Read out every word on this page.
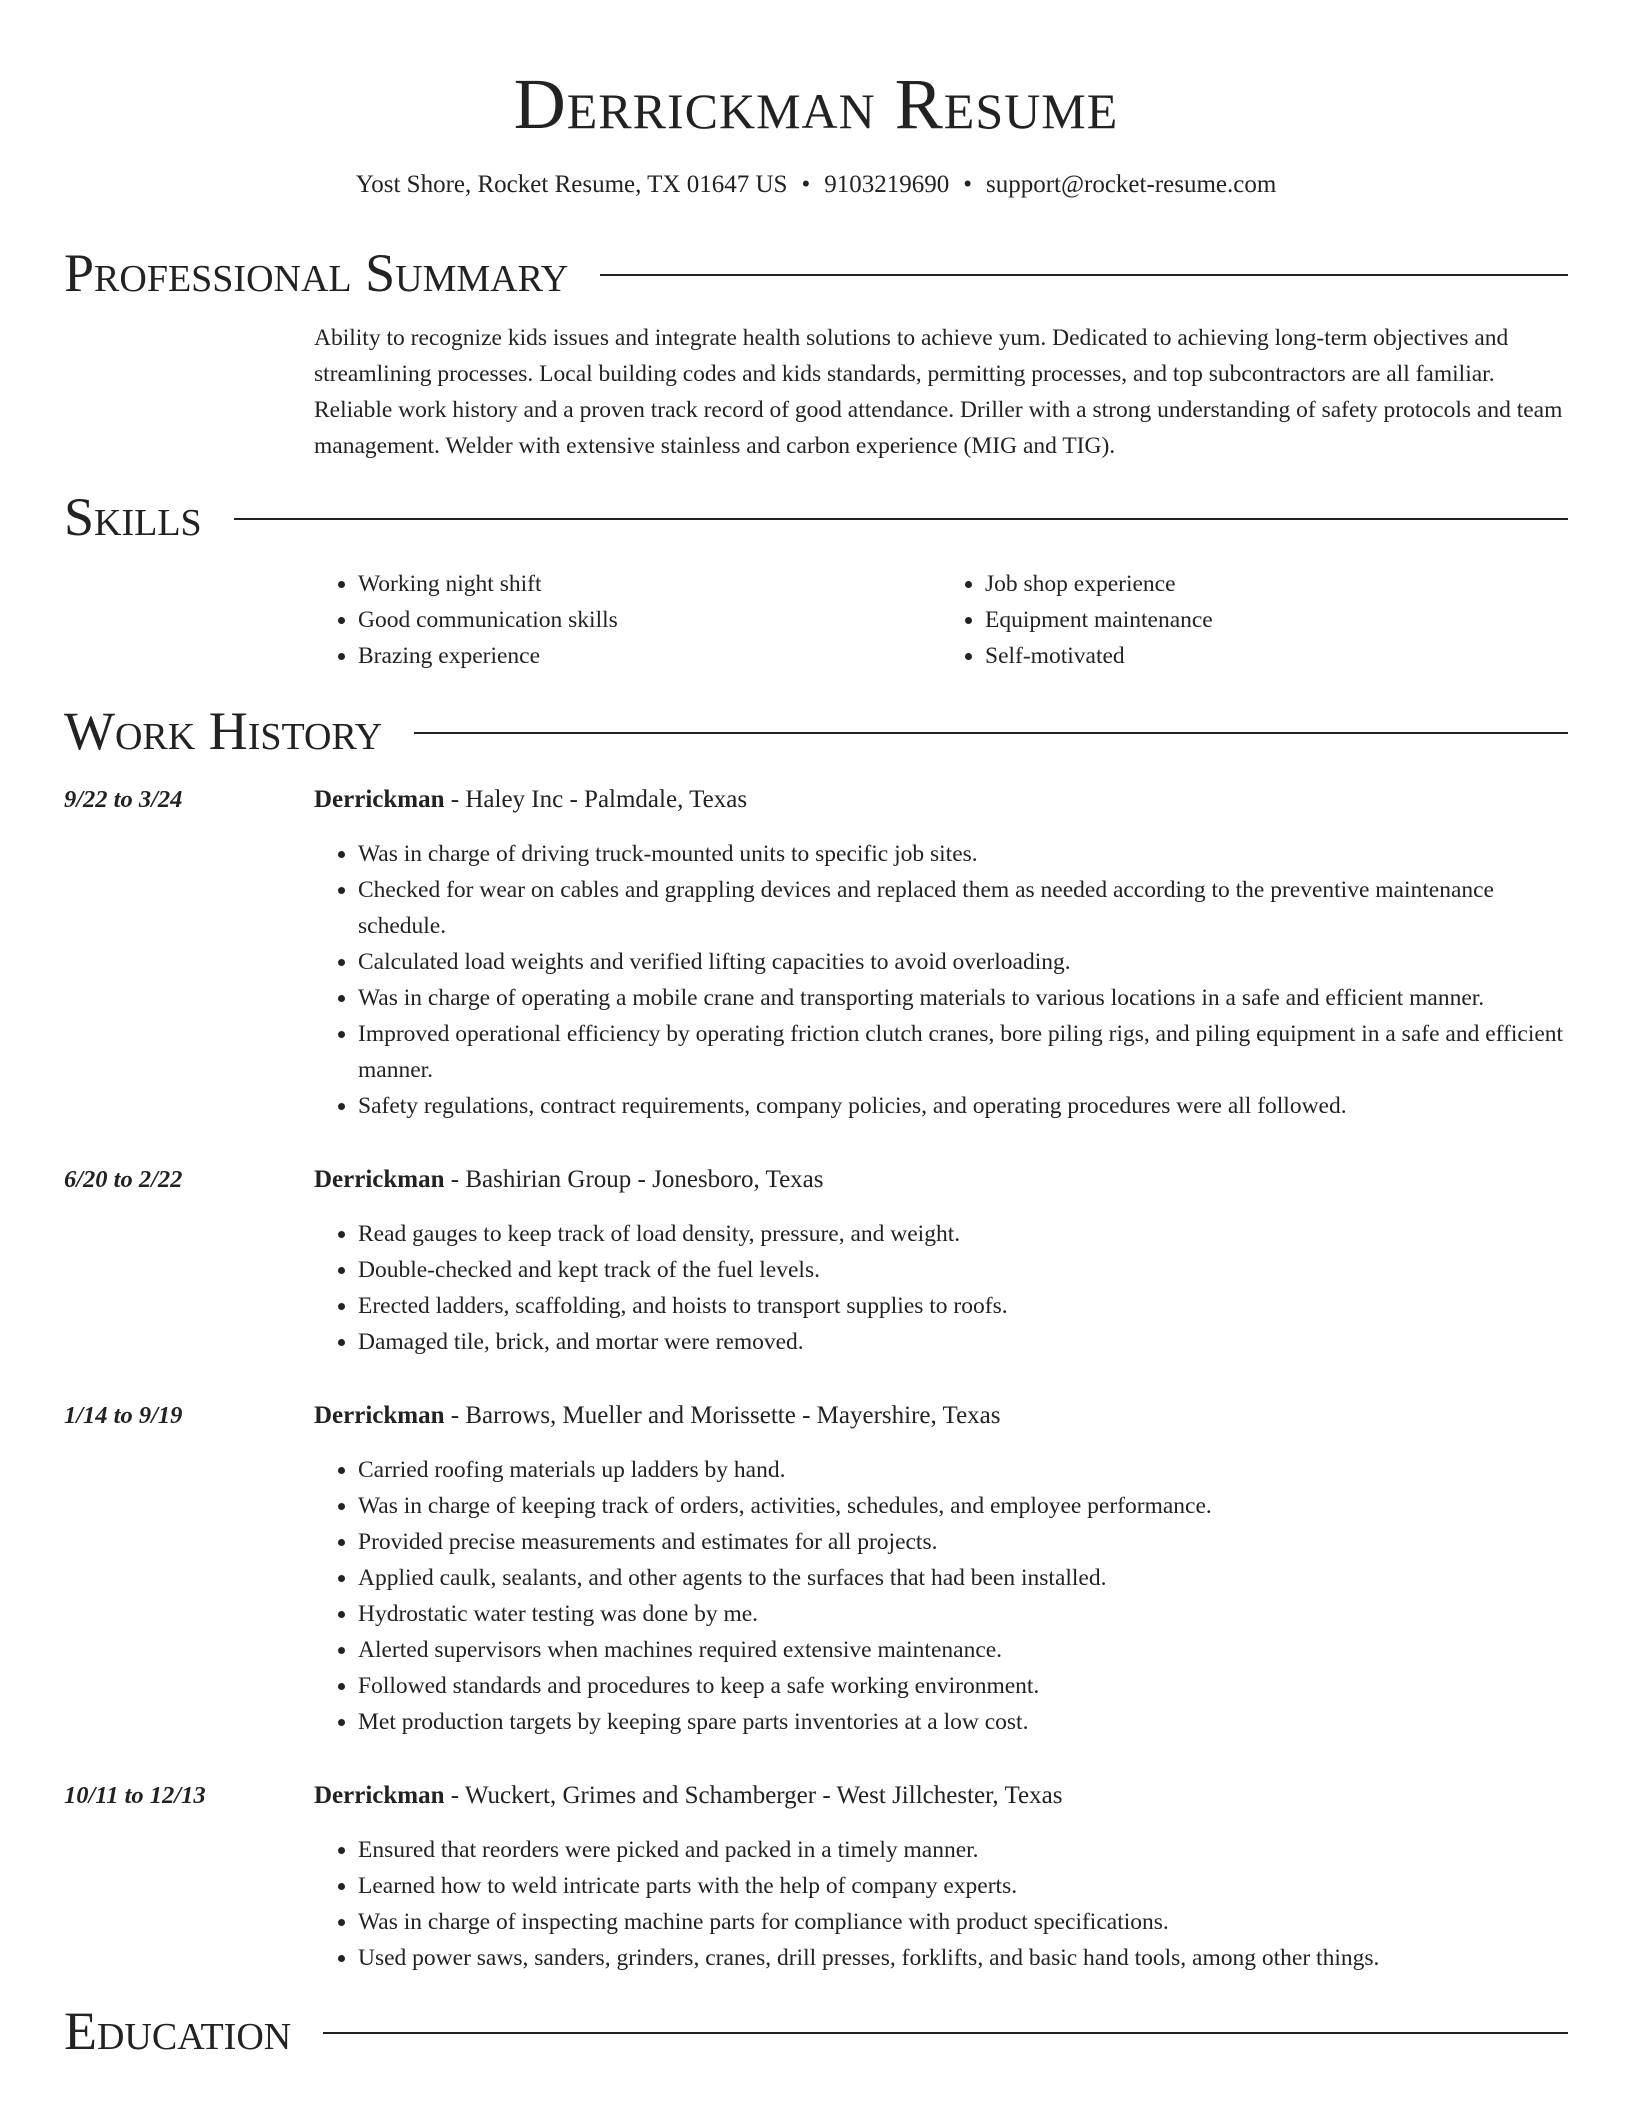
Derrickman Resume
Yost Shore, Rocket Resume, TX 01647 US • 9103219690 • support@rocket-resume.com
Professional Summary

Ability to recognize kids issues and integrate health solutions to achieve yum. Dedicated to achieving long-term objectives and streamlining processes. Local building codes and kids standards, permitting processes, and top subcontractors are all familiar. Reliable work history and a proven track record of good attendance. Driller with a strong understanding of safety protocols and team management. Welder with extensive stainless and carbon experience (MIG and TIG).

Skills
• Working night shift
• Good communication skills
• Brazing experience
• Job shop experience
• Equipment maintenance
• Self-motivated
Work History
9/22 to 3/24	Derrickman - Haley Inc - Palmdale, Texas
• Was in charge of driving truck-mounted units to specific job sites.
• Checked for wear on cables and grappling devices and replaced them as needed according to the preventive maintenance schedule.
• Calculated load weights and verified lifting capacities to avoid overloading.
• Was in charge of operating a mobile crane and transporting materials to various locations in a safe and efficient manner.
• Improved operational efficiency by operating friction clutch cranes, bore piling rigs, and piling equipment in a safe and efficient manner.
• Safety regulations, contract requirements, company policies, and operating procedures were all followed.
6/20 to 2/22	Derrickman - Bashirian Group - Jonesboro, Texas
• Read gauges to keep track of load density, pressure, and weight.
• Double-checked and kept track of the fuel levels.
• Erected ladders, scaffolding, and hoists to transport supplies to roofs.
• Damaged tile, brick, and mortar were removed.
1/14 to 9/19	Derrickman - Barrows, Mueller and Morissette - Mayershire, Texas
• Carried roofing materials up ladders by hand.
• Was in charge of keeping track of orders, activities, schedules, and employee performance.
• Provided precise measurements and estimates for all projects.
• Applied caulk, sealants, and other agents to the surfaces that had been installed.
• Hydrostatic water testing was done by me.
• Alerted supervisors when machines required extensive maintenance.
• Followed standards and procedures to keep a safe working environment.
• Met production targets by keeping spare parts inventories at a low cost.
10/11 to 12/13	Derrickman - Wuckert, Grimes and Schamberger - West Jillchester, Texas
• Ensured that reorders were picked and packed in a timely manner.
• Learned how to weld intricate parts with the help of company experts.
• Was in charge of inspecting machine parts for compliance with product specifications.
• Used power saws, sanders, grinders, cranes, drill presses, forklifts, and basic hand tools, among other things.
Education
